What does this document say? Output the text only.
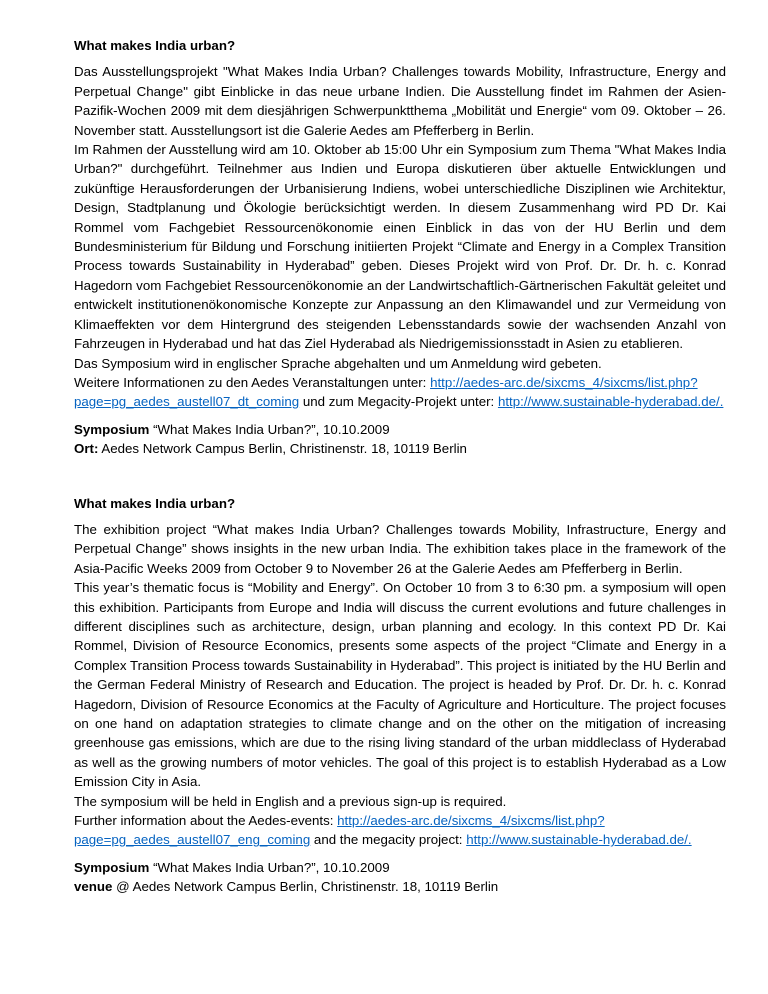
What makes India urban?

Das Ausstellungsprojekt "What Makes India Urban? Challenges towards Mobility, Infrastructure, Energy and Perpetual Change" gibt Einblicke in das neue urbane Indien. Die Ausstellung findet im Rahmen der Asien-Pazifik-Wochen 2009 mit dem diesjährigen Schwerpunktthema „Mobilität und Energie“ vom 09. Oktober – 26. November statt. Ausstellungsort ist die Galerie Aedes am Pfefferberg in Berlin.

Im Rahmen der Ausstellung wird am 10. Oktober ab 15:00 Uhr ein Symposium zum Thema "What Makes India Urban?" durchgeführt. Teilnehmer aus Indien und Europa diskutieren über aktuelle Entwicklungen und zukünftige Herausforderungen der Urbanisierung Indiens, wobei unterschiedliche Disziplinen wie Architektur, Design, Stadtplanung und Ökologie berücksichtigt werden. In diesem Zusammenhang wird PD Dr. Kai Rommel vom Fachgebiet Ressourcenökonomie einen Einblick in das von der HU Berlin und dem Bundesministerium für Bildung und Forschung initiierten Projekt “Climate and Energy in a Complex Transition Process towards Sustainability in Hyderabad” geben. Dieses Projekt wird von Prof. Dr. Dr. h. c. Konrad Hagedorn vom Fachgebiet Ressourcenökonomie an der Landwirtschaftlich-Gärtnerischen Fakultät geleitet und entwickelt institutionenökonomische Konzepte zur Anpassung an den Klimawandel und zur Vermeidung von Klimaeffekten vor dem Hintergrund des steigenden Lebensstandards sowie der wachsenden Anzahl von Fahrzeugen in Hyderabad und hat das Ziel Hyderabad als Niedrigemissionsstadt in Asien zu etablieren.

Das Symposium wird in englischer Sprache abgehalten und um Anmeldung wird gebeten.

Weitere Informationen zu den Aedes Veranstaltungen unter: http://aedes-arc.de/sixcms_4/sixcms/list.php?page=pg_aedes_austell07_dt_coming und zum Megacity-Projekt unter: http://www.sustainable-hyderabad.de/.

Symposium “What Makes India Urban?”, 10.10.2009

Ort: Aedes Network Campus Berlin, Christinenstr. 18, 10119 Berlin

What makes India urban?

The exhibition project “What makes India Urban? Challenges towards Mobility, Infrastructure, Energy and Perpetual Change” shows insights in the new urban India. The exhibition takes place in the framework of the Asia-Pacific Weeks 2009 from October 9 to November 26 at the Galerie Aedes am Pfefferberg in Berlin.

This year’s thematic focus is “Mobility and Energy”. On October 10 from 3 to 6:30 pm. a symposium will open this exhibition. Participants from Europe and India will discuss the current evolutions and future challenges in different disciplines such as architecture, design, urban planning and ecology. In this context PD Dr. Kai Rommel, Division of Resource Economics, presents some aspects of the project “Climate and Energy in a Complex Transition Process towards Sustainability in Hyderabad”. This project is initiated by the HU Berlin and the German Federal Ministry of Research and Education. The project is headed by Prof. Dr. Dr. h. c. Konrad Hagedorn, Division of Resource Economics at the Faculty of Agriculture and Horticulture. The project focuses on one hand on adaptation strategies to climate change and on the other on the mitigation of increasing greenhouse gas emissions, which are due to the rising living standard of the urban middleclass of Hyderabad as well as the growing numbers of motor vehicles. The goal of this project is to establish Hyderabad as a Low Emission City in Asia.

The symposium will be held in English and a previous sign-up is required.

Further information about the Aedes-events: http://aedes-arc.de/sixcms_4/sixcms/list.php?page=pg_aedes_austell07_eng_coming and the megacity project: http://www.sustainable-hyderabad.de/.

Symposium “What Makes India Urban?”, 10.10.2009

venue @ Aedes Network Campus Berlin, Christinenstr. 18, 10119 Berlin
